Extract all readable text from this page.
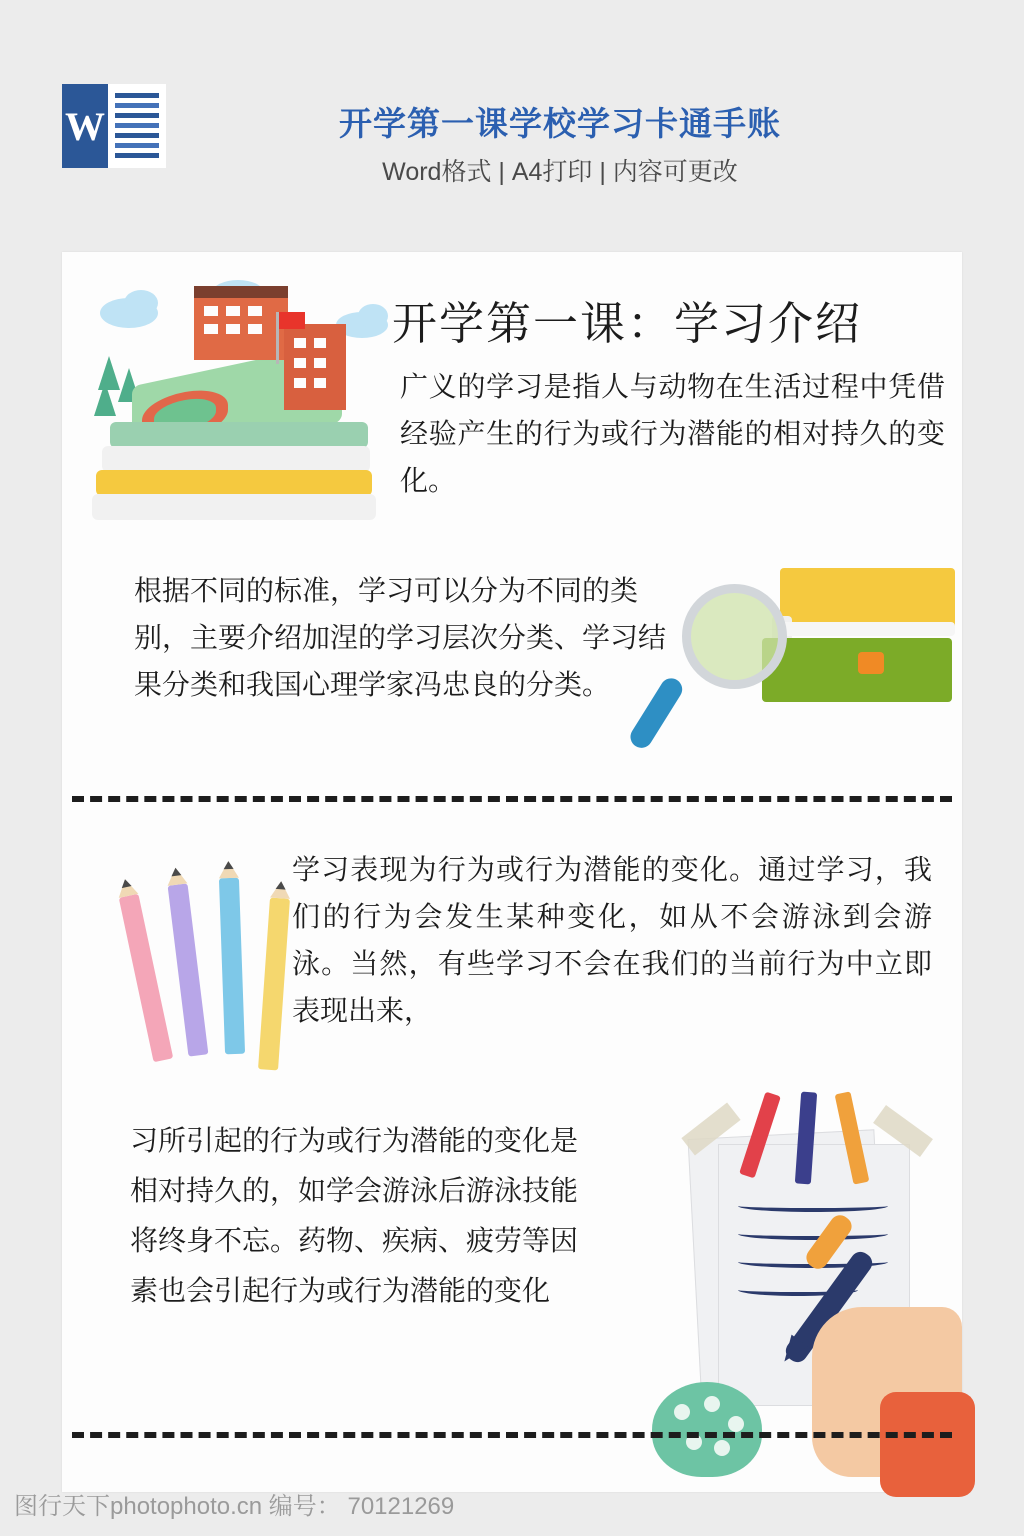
W	开学第一课学校学习卡通手账
Word格式 | A4打印 | 内容可更改
开学第一课：学习介绍
广义的学习是指人与动物在生活过程中凭借经验产生的行为或行为潜能的相对持久的变化。
根据不同的标准，学习可以分为不同的类别，主要介绍加涅的学习层次分类、学习结果分类和我国心理学家冯忠良的分类。
学习表现为行为或行为潜能的变化。通过学习，我们的行为会发生某种变化，如从不会游泳到会游泳。当然，有些学习不会在我们的当前行为中立即表现出来，
习所引起的行为或行为潜能的变化是相对持久的，如学会游泳后游泳技能将终身不忘。药物、疾病、疲劳等因素也会引起行为或行为潜能的变化
图行天下photophoto.cn 编号： 70121269
